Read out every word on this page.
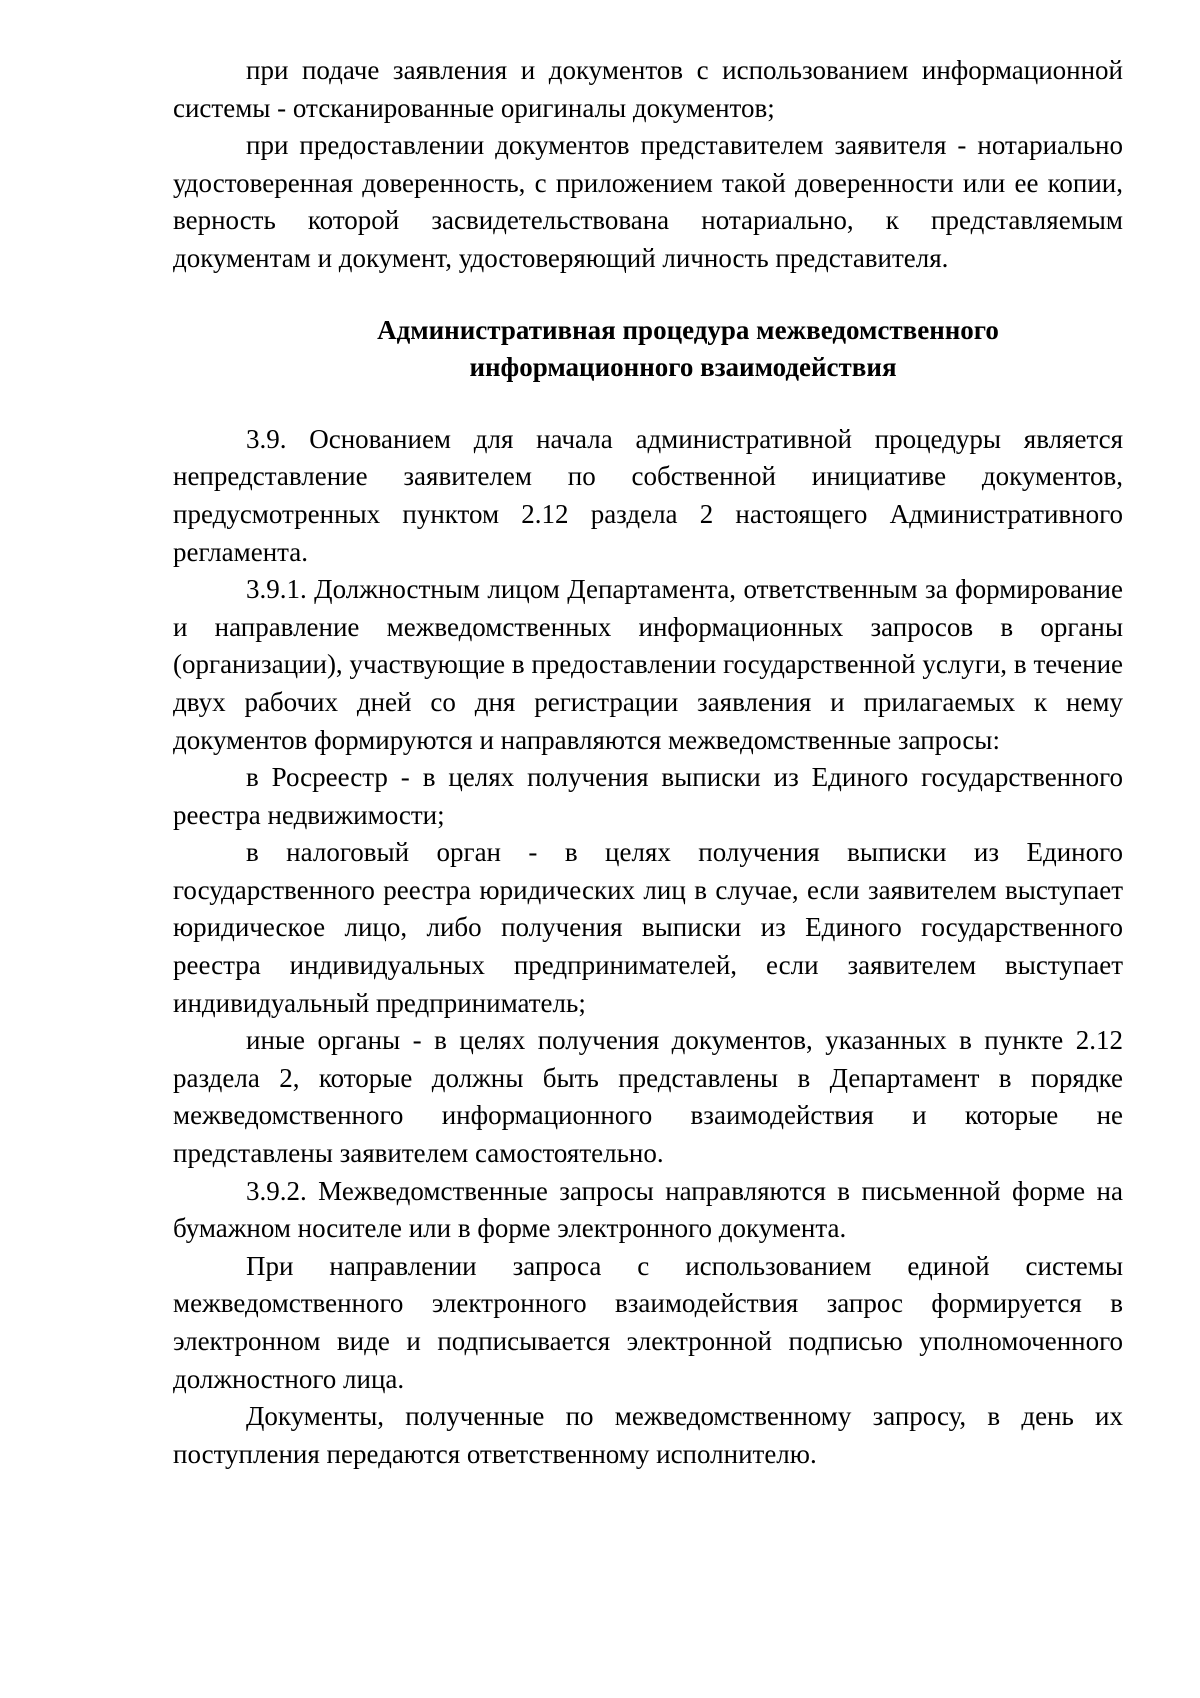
при подаче заявления и документов с использованием информационной системы - отсканированные оригиналы документов;

при предоставлении документов представителем заявителя - нотариально удостоверенная доверенность, с приложением такой доверенности или ее копии, верность которой засвидетельствована нотариально, к представляемым документам и документ, удостоверяющий личность представителя.

Административная процедура межведомственного
информационного взаимодействия

3.9. Основанием для начала административной процедуры является непредставление заявителем по собственной инициативе документов, предусмотренных пунктом 2.12 раздела 2 настоящего Административного регламента.

3.9.1. Должностным лицом Департамента, ответственным за формирование и направление межведомственных информационных запросов в органы (организации), участвующие в предоставлении государственной услуги, в течение двух рабочих дней со дня регистрации заявления и прилагаемых к нему документов формируются и направляются межведомственные запросы:

в Росреестр - в целях получения выписки из Единого государственного реестра недвижимости;

в налоговый орган - в целях получения выписки из Единого государственного реестра юридических лиц в случае, если заявителем выступает юридическое лицо, либо получения выписки из Единого государственного реестра индивидуальных предпринимателей, если заявителем выступает индивидуальный предприниматель;

иные органы - в целях получения документов, указанных в пункте 2.12 раздела 2, которые должны быть представлены в Департамент в порядке межведомственного информационного взаимодействия и которые не представлены заявителем самостоятельно.

3.9.2. Межведомственные запросы направляются в письменной форме на бумажном носителе или в форме электронного документа.

При направлении запроса с использованием единой системы межведомственного электронного взаимодействия запрос формируется в электронном виде и подписывается электронной подписью уполномоченного должностного лица.

Документы, полученные по межведомственному запросу, в день их поступления передаются ответственному исполнителю.
